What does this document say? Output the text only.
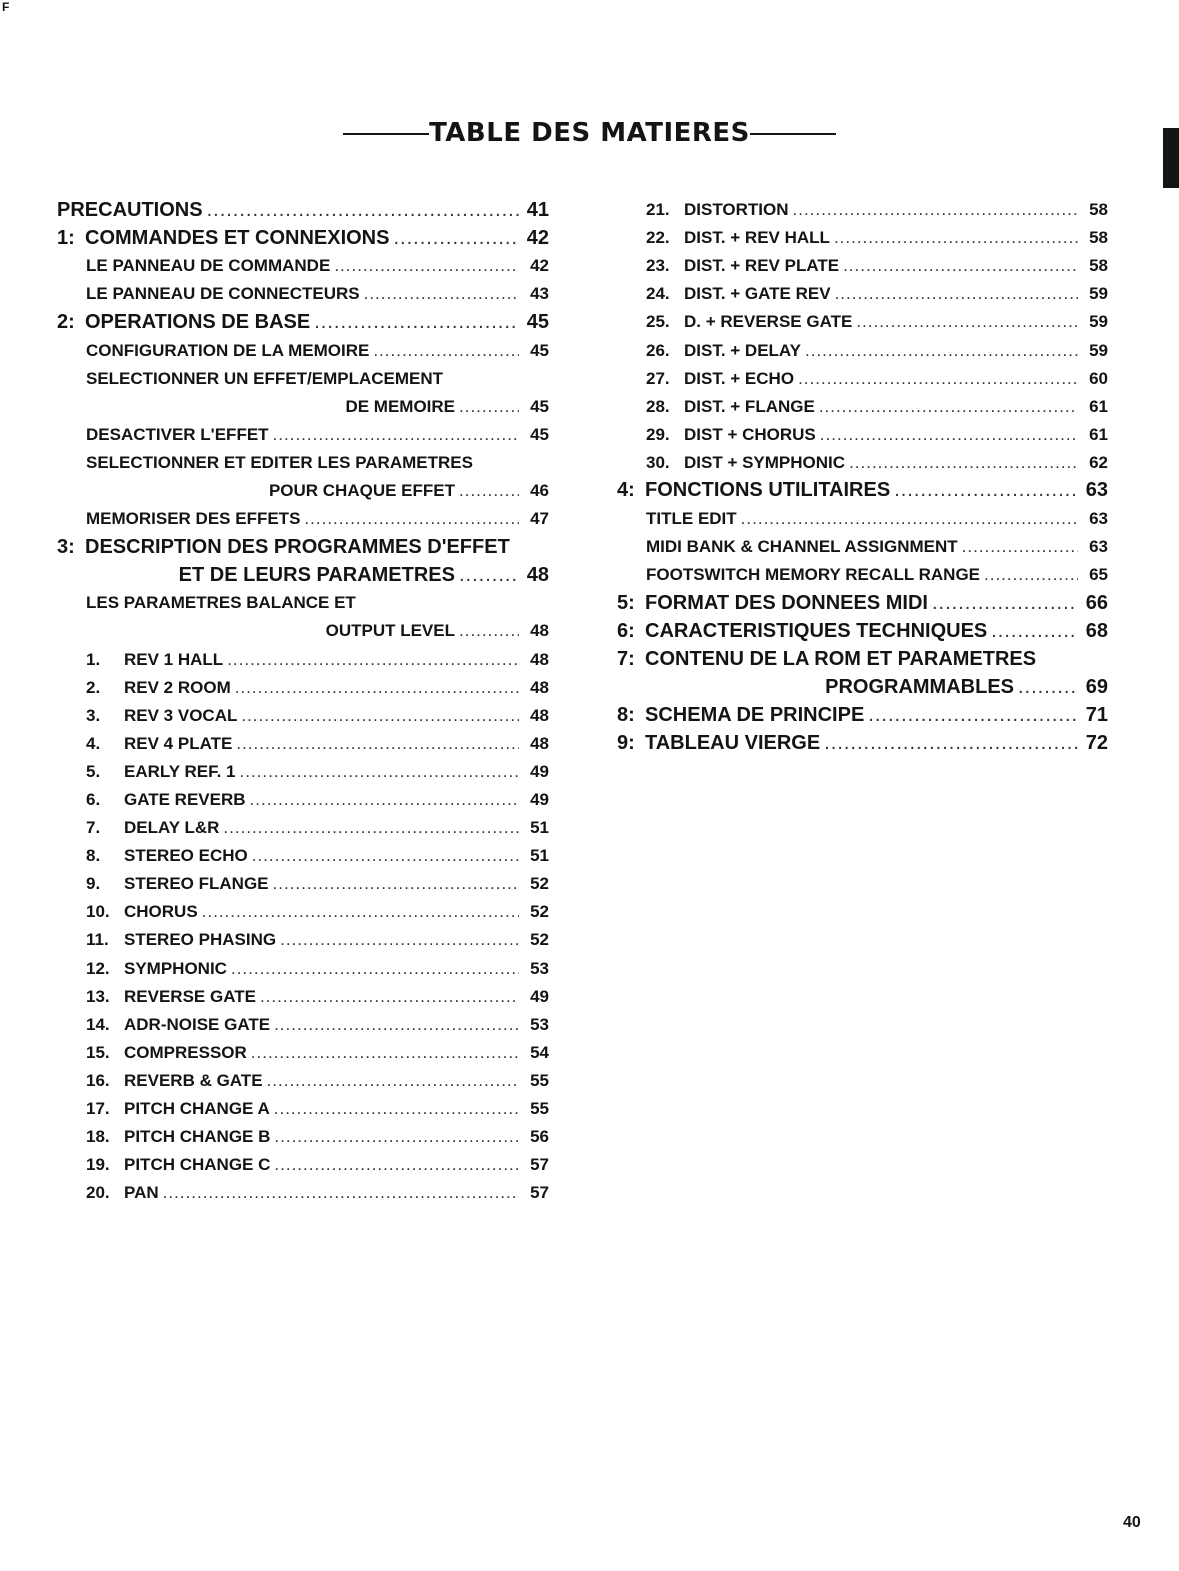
F
TABLE DES MATIERES
PRECAUTIONS .....	41
1: COMMANDES ET CONNEXIONS .....	42
LE PANNEAU DE COMMANDE .....	42
LE PANNEAU DE CONNECTEURS .....	43
2: OPERATIONS DE BASE .....	45
CONFIGURATION DE LA MEMOIRE .....	45
SELECTIONNER UN EFFET/EMPLACEMENT
DE MEMOIRE .....	45
DESACTIVER L'EFFET .....	45
SELECTIONNER ET EDITER LES PARAMETRES
POUR CHAQUE EFFET .....	46
MEMORISER DES EFFETS .....	47
3: DESCRIPTION DES PROGRAMMES D'EFFET
ET DE LEURS PARAMETRES .....	48
LES PARAMETRES BALANCE ET
OUTPUT LEVEL .....	48
1.	REV 1 HALL .....	48
2.	REV 2 ROOM .....	48
3.	REV 3 VOCAL .....	48
4.	REV 4 PLATE .....	48
5.	EARLY REF. 1 .....	49
6.	GATE REVERB .....	49
7.	DELAY L&R .....	51
8.	STEREO ECHO .....	51
9.	STEREO FLANGE .....	52
10. CHORUS .....	52
11. STEREO PHASING .....	52
12. SYMPHONIC .....	53
13. REVERSE GATE .....	49
14. ADR-NOISE GATE .....	53
15. COMPRESSOR .....	54
16. REVERB & GATE .....	55
17. PITCH CHANGE A .....	55
18. PITCH CHANGE B .....	56
19. PITCH CHANGE C .....	57
20. PAN .....	57
21. DISTORTION .....	58
22. DIST. + REV HALL .....	58
23. DIST. + REV PLATE .....	58
24. DIST. + GATE REV .....	59
25. D. + REVERSE GATE .....	59
26. DIST. + DELAY .....	59
27. DIST. + ECHO .....	60
28. DIST. + FLANGE .....	61
29. DIST + CHORUS .....	61
30. DIST + SYMPHONIC .....	62
4: FONCTIONS UTILITAIRES .....	63
TITLE EDIT .....	63
MIDI BANK & CHANNEL ASSIGNMENT .....	63
FOOTSWITCH MEMORY RECALL RANGE .....	65
5: FORMAT DES DONNEES MIDI .....	66
6: CARACTERISTIQUES TECHNIQUES .....	68
7: CONTENU DE LA ROM ET PARAMETRES
PROGRAMMABLES .....	69
8: SCHEMA DE PRINCIPE .....	71
9: TABLEAU VIERGE .....	72
40
